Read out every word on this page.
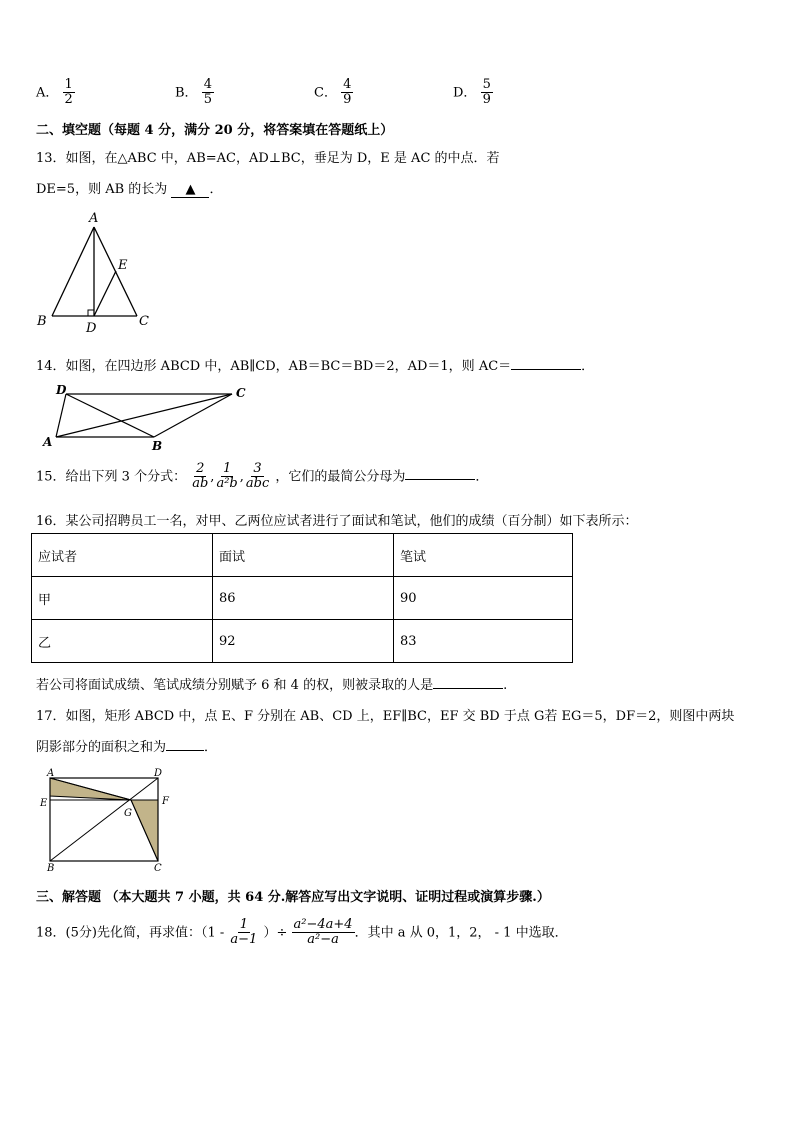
A． $\frac{1}{2}$	B． $\frac{4}{5}$	C． $\frac{4}{9}$	D． $\frac{5}{9}$
二、填空题（每题 4 分，满分 20 分，将答案填在答题纸上）
13．如图，在△ABC 中，AB=AC，AD⊥BC，垂足为 D，E 是 AC 的中点．若
DE=5，则 AB 的长为 ▲ ．
A
B	C
D
E
14．如图，在四边形 ABCD 中，AB∥CD，AB＝BC＝BD＝2，AD＝1，则 AC＝	．
D	C
A	B
15．给出下列 3 个分式： $\frac{2}{ab}$ , $\frac{1}{\text{a²b}}$ , $\frac{3}{\text{abc}}$ ，它们的最简公分母为	．
16．某公司招聘员工一名，对甲、乙两位应试者进行了面试和笔试，他们的成绩（百分制）如下表所示：
应试者	面试	笔试
甲	86	90
乙	92	83
若公司将面试成绩、笔试成绩分别赋予 6 和 4 的权，则被录取的人是	.
17．如图，矩形 ABCD 中，点 E、F 分别在 AB、CD 上，EF∥BC，EF 交 BD 于点 G若 EG＝5，DF＝2，则图中两块
阴影部分的面积之和为	．
A	D
E	F
G
B	C
三、解答题 （本大题共 7 小题，共 64 分.解答应写出文字说明、证明过程或演算步骤.）
18．(5分)先化简，再求值：（$1 - \frac{1}{a-1}$ ）÷ $\frac{\text{a²−4a+4}}{\text{a²−a}}$ ．其中 a 从 0，1，2， - 1 中选取．
